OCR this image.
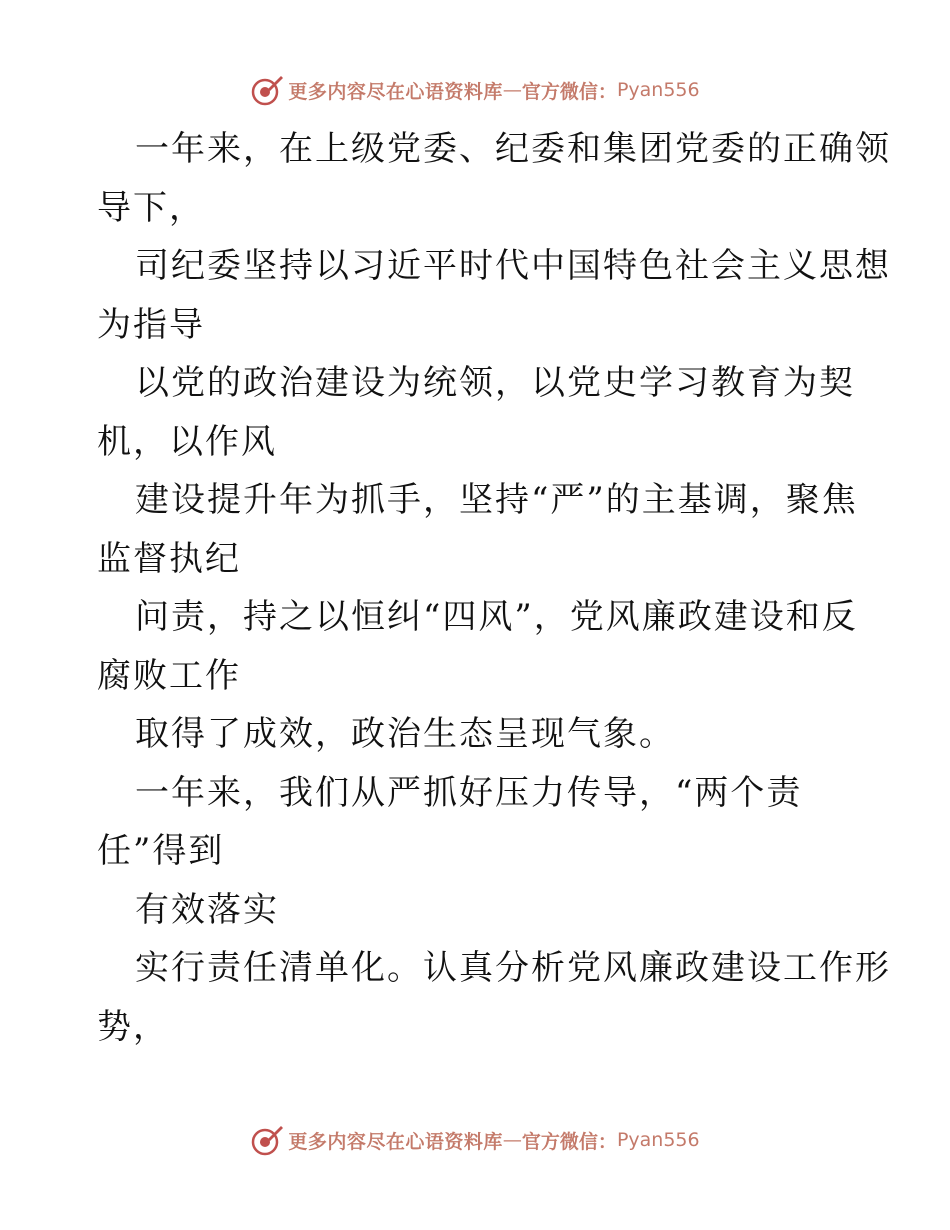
更多内容尽在心语资料库 — 官方微信： Pyan556
一年来，在上级党委、纪委和集团党委的正确领
导下，
司纪委坚持以习近平时代中国特色社会主义思想
为指导
以党的政治建设为统领，以党史学习教育为契
机，以作风
建设提升年为抓手，坚持“严”的主基调，聚焦
监督执纪
问责，持之以恒纠“四风”，党风廉政建设和反
腐败工作
取得了成效，政治生态呈现气象。
一年来，我们从严抓好压力传导，“两个责
任”得到
有效落实
实行责任清单化。认真分析党风廉政建设工作形
势，
更多内容尽在心语资料库 — 官方微信： Pyan556
